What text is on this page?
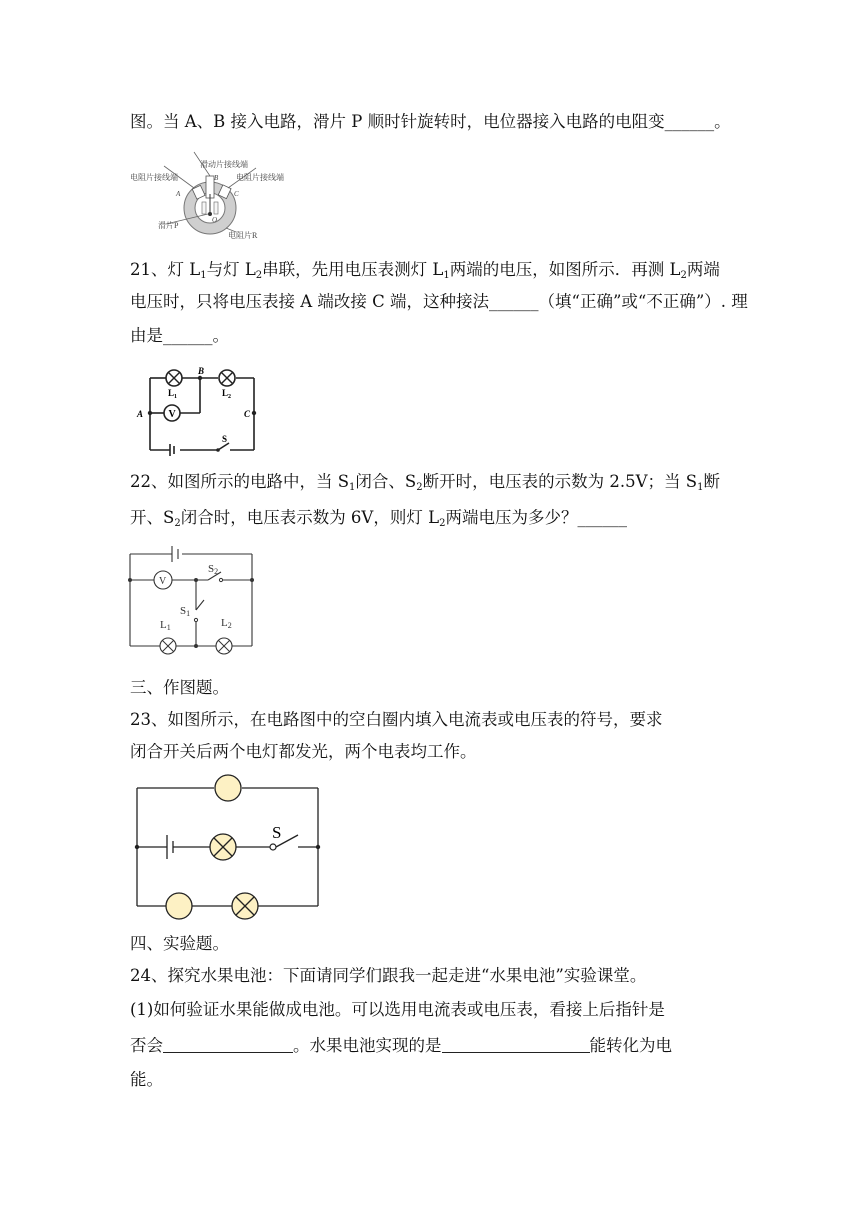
图。当 A、B 接入电路，滑片 P 顺时针旋转时，电位器接入电路的电阻变______。
滑动片接线端
电阻片接线端	电阻片接线端
滑片P
电阻片R
A
B
C
O
21、灯 $L_1$与灯 $L_2$串联，先用电压表测灯 $L_1$两端的电压，如图所示．再测 $L_2$两端
电压时，只将电压表接 A 端改接 C 端，这种接法______（填“正确”或“不正确”）. 理
由是______。
V
B
A	C
$L_1$	$L_2$
S
22、如图所示的电路中，当 $S_1$闭合、$S_2$断开时，电压表的示数为 2.5V；当 $S_1$断
开、$S_2$闭合时，电压表示数为 6V，则灯 $L_2$两端电压为多少？______
V
S2
S1
L1	L2
三、作图题。
23、如图所示，在电路图中的空白圈内填入电流表或电压表的符号，要求
闭合开关后两个电灯都发光，两个电表均工作。
S
四、实验题。
24、探究水果电池：下面请同学们跟我一起走进“水果电池”实验课堂。
(1)如何验证水果能做成电池。可以选用电流表或电压表，看接上后指针是
否会	。水果电池实现的是	能转化为电
能。
